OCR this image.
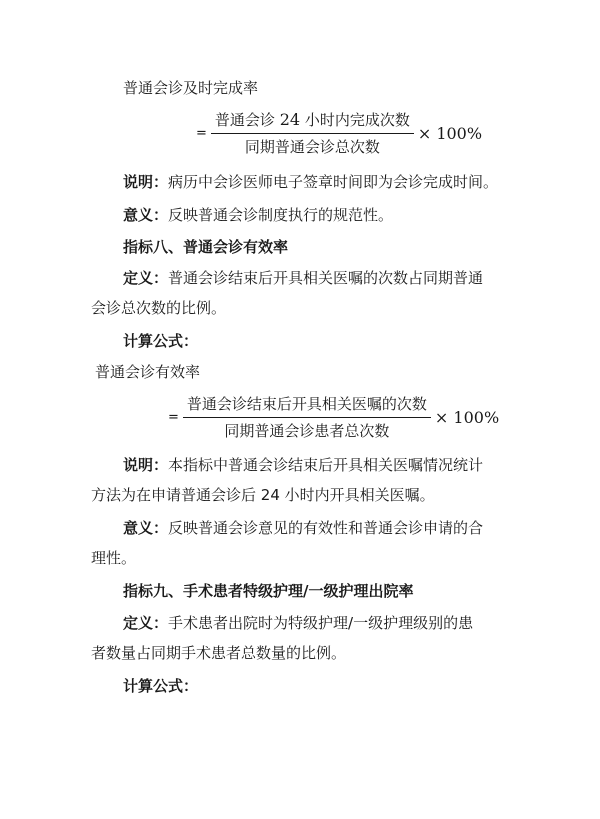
普通会诊及时完成率
= $\frac{\text{普通会诊 24 小时内完成次数}}{\text{同期普通会诊总次数}} \times 100\%$
说明：病历中会诊医师电子签章时间即为会诊完成时间。
意义：反映普通会诊制度执行的规范性。
指标八、普通会诊有效率
定义：普通会诊结束后开具相关医嘱的次数占同期普通
会诊总次数的比例。
计算公式：
普通会诊有效率
= $\frac{\text{普通会诊结束后开具相关医嘱的次数}}{\text{同期普通会诊患者总次数}} \times 100\%$
说明：本指标中普通会诊结束后开具相关医嘱情况统计
方法为在申请普通会诊后 24 小时内开具相关医嘱。
意义：反映普通会诊意见的有效性和普通会诊申请的合
理性。
指标九、手术患者特级护理/一级护理出院率
定义：手术患者出院时为特级护理/一级护理级别的患
者数量占同期手术患者总数量的比例。
计算公式：
